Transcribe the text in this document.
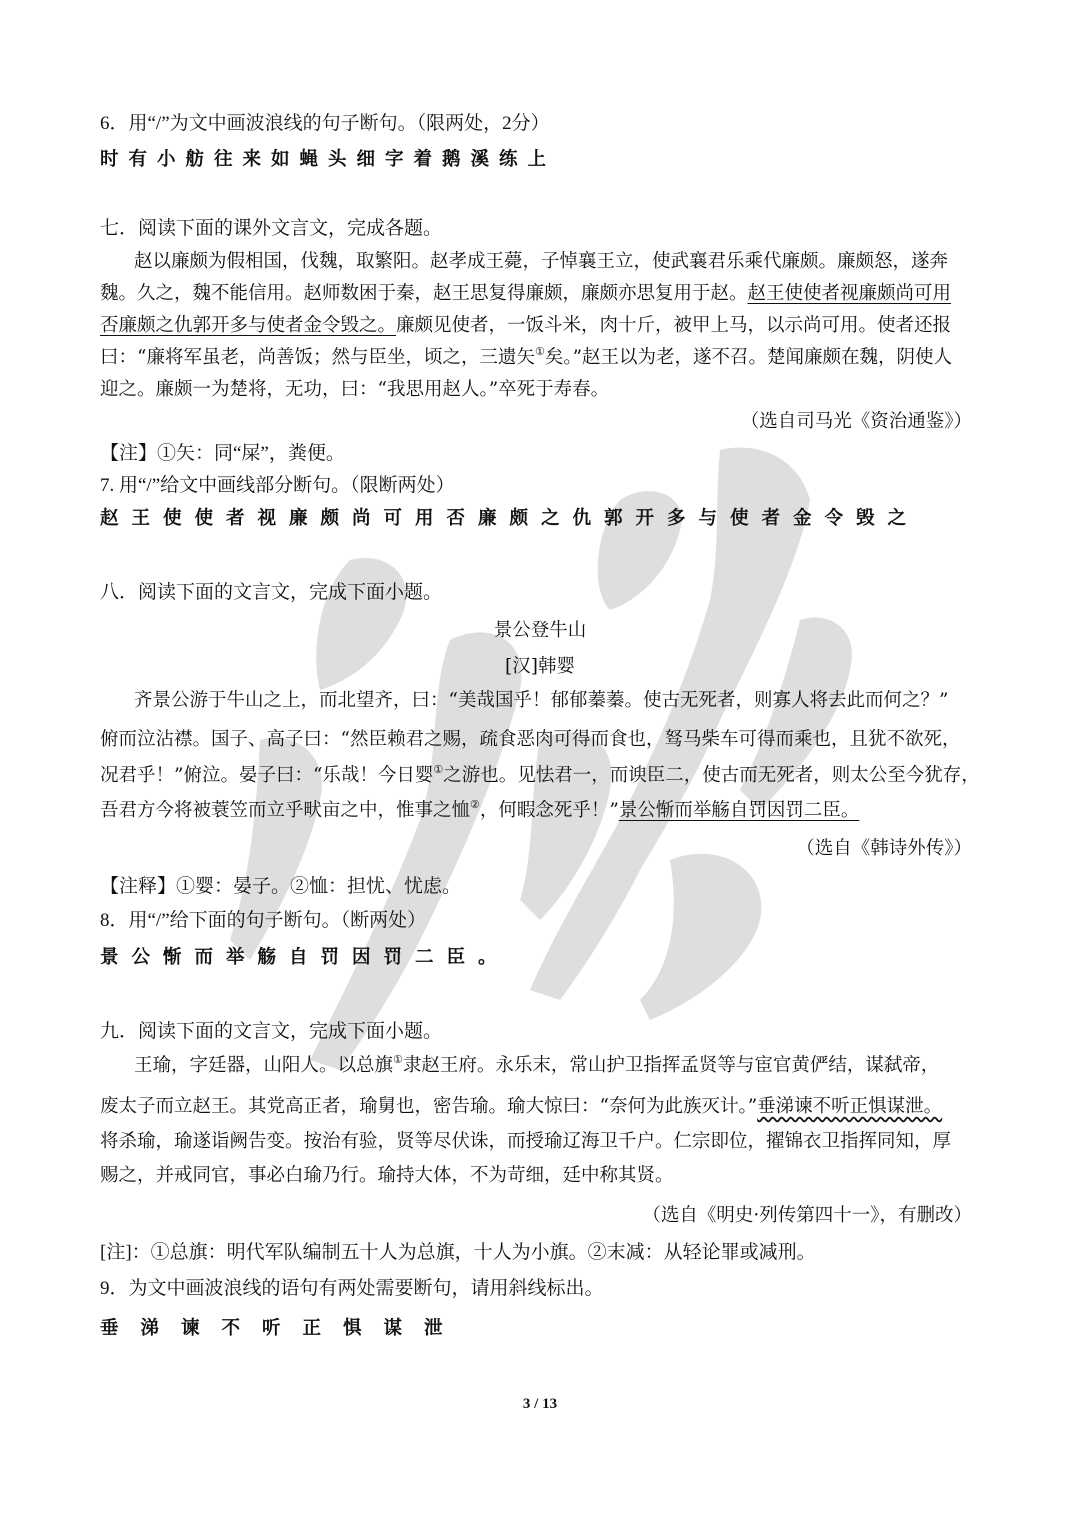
6．用“/”为文中画波浪线的句子断句。（限两处，2分）
时有小舫往来如蝇头细字着鹅溪练上
七．阅读下面的课外文言文，完成各题。
赵以廉颇为假相国，伐魏，取繁阳。赵孝成王薨，子悼襄王立，使武襄君乐乘代廉颇。廉颇怒，遂奔
魏。久之，魏不能信用。赵师数困于秦，赵王思复得廉颇，廉颇亦思复用于赵。赵王使使者视廉颇尚可用
否廉颇之仇郭开多与使者金令毁之。廉颇见使者，一饭斗米，肉十斤，被甲上马，以示尚可用。使者还报
曰：“廉将军虽老，尚善饭；然与臣坐，顷之，三遗矢①矣。”赵王以为老，遂不召。楚闻廉颇在魏，阴使人
迎之。廉颇一为楚将，无功，曰：“我思用赵人。”卒死于寿春。
（选自司马光《资治通鉴》）
【注】①矢：同“屎”，粪便。
7. 用“/”给文中画线部分断句。（限断两处）
赵王使使者视廉颇尚可用否廉颇之仇郭开多与使者金令毁之
八．阅读下面的文言文，完成下面小题。
景公登牛山
[汉]韩婴
齐景公游于牛山之上，而北望齐，曰：“美哉国乎！郁郁蓁蓁。使古无死者，则寡人将去此而何之？”
俯而泣沾襟。国子、高子曰：“然臣赖君之赐，疏食恶肉可得而食也，驽马柴车可得而乘也，且犹不欲死，
况君乎！”俯泣。晏子曰：“乐哉！今日婴①之游也。见怯君一，而谀臣二，使古而无死者，则太公至今犹存，
吾君方今将被蓑笠而立乎畎亩之中，惟事之恤②，何暇念死乎！”景公惭而举觞自罚因罚二臣。
（选自《韩诗外传》）
【注释】①婴：晏子。②恤：担忧、忧虑。
8．用“/”给下面的句子断句。（断两处）
景公惭而举觞自罚因罚二臣。
九．阅读下面的文言文，完成下面小题。
王瑜，字廷器，山阳人。以总旗①隶赵王府。永乐末，常山护卫指挥孟贤等与宦官黄俨结，谋弑帝，
废太子而立赵王。其党高正者，瑜舅也，密告瑜。瑜大惊曰：“奈何为此族灭计。”垂涕谏不听正惧谋泄。
将杀瑜，瑜遂诣阙告变。按治有验，贤等尽伏诛，而授瑜辽海卫千户。仁宗即位，擢锦衣卫指挥同知，厚
赐之，并戒同官，事必白瑜乃行。瑜持大体，不为苛细，廷中称其贤。
（选自《明史·列传第四十一》，有删改）
[注]：①总旗：明代军队编制五十人为总旗，十人为小旗。②末减：从轻论罪或减刑。
9．为文中画波浪线的语句有两处需要断句，请用斜线标出。
垂涕谏不听正惧谋泄
3 / 13
